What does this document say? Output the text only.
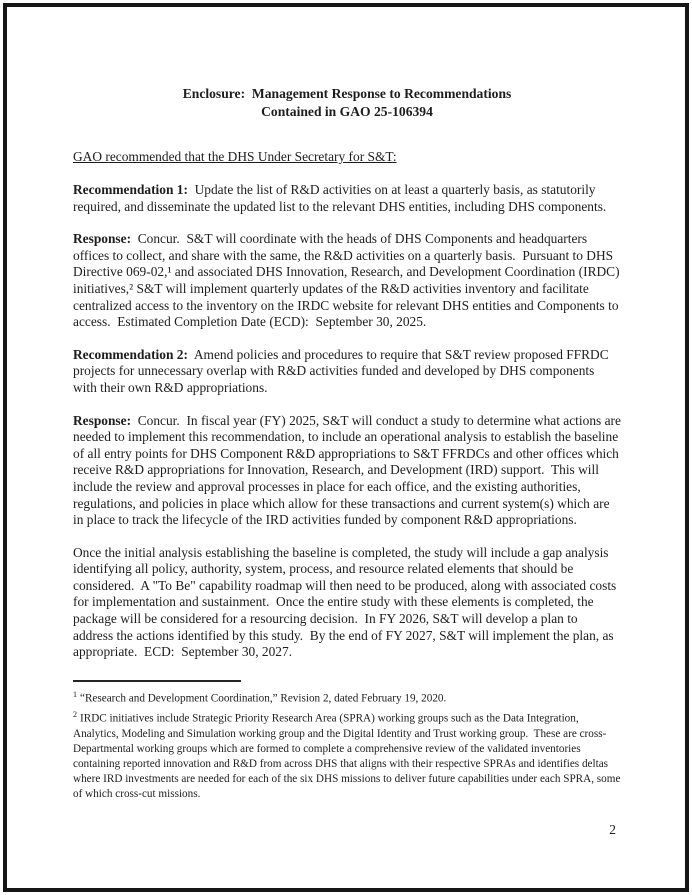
Enclosure:  Management Response to Recommendations
Contained in GAO 25-106394

GAO recommended that the DHS Under Secretary for S&T:

Recommendation 1:  Update the list of R&D activities on at least a quarterly basis, as statutorily required, and disseminate the updated list to the relevant DHS entities, including DHS components.

Response:  Concur.  S&T will coordinate with the heads of DHS Components and headquarters offices to collect, and share with the same, the R&D activities on a quarterly basis.  Pursuant to DHS Directive 069-02,¹ and associated DHS Innovation, Research, and Development Coordination (IRDC) initiatives,² S&T will implement quarterly updates of the R&D activities inventory and facilitate centralized access to the inventory on the IRDC website for relevant DHS entities and Components to access.  Estimated Completion Date (ECD):  September 30, 2025.

Recommendation 2:  Amend policies and procedures to require that S&T review proposed FFRDC projects for unnecessary overlap with R&D activities funded and developed by DHS components with their own R&D appropriations.

Response:  Concur.  In fiscal year (FY) 2025, S&T will conduct a study to determine what actions are needed to implement this recommendation, to include an operational analysis to establish the baseline of all entry points for DHS Component R&D appropriations to S&T FFRDCs and other offices which receive R&D appropriations for Innovation, Research, and Development (IRD) support.  This will include the review and approval processes in place for each office, and the existing authorities, regulations, and policies in place which allow for these transactions and current system(s) which are in place to track the lifecycle of the IRD activities funded by component R&D appropriations.

Once the initial analysis establishing the baseline is completed, the study will include a gap analysis identifying all policy, authority, system, process, and resource related elements that should be considered.  A "To Be" capability roadmap will then need to be produced, along with associated costs for implementation and sustainment.  Once the entire study with these elements is completed, the package will be considered for a resourcing decision.  In FY 2026, S&T will develop a plan to address the actions identified by this study.  By the end of FY 2027, S&T will implement the plan, as appropriate.  ECD:  September 30, 2027.

$^1$ “Research and Development Coordination,” Revision 2, dated February 19, 2020.

$^2$ IRDC initiatives include Strategic Priority Research Area (SPRA) working groups such as the Data Integration, Analytics, Modeling and Simulation working group and the Digital Identity and Trust working group.  These are cross-Departmental working groups which are formed to complete a comprehensive review of the validated inventories containing reported innovation and R&D from across DHS that aligns with their respective SPRAs and identifies deltas where IRD investments are needed for each of the six DHS missions to deliver future capabilities under each SPRA, some of which cross-cut missions.

2
